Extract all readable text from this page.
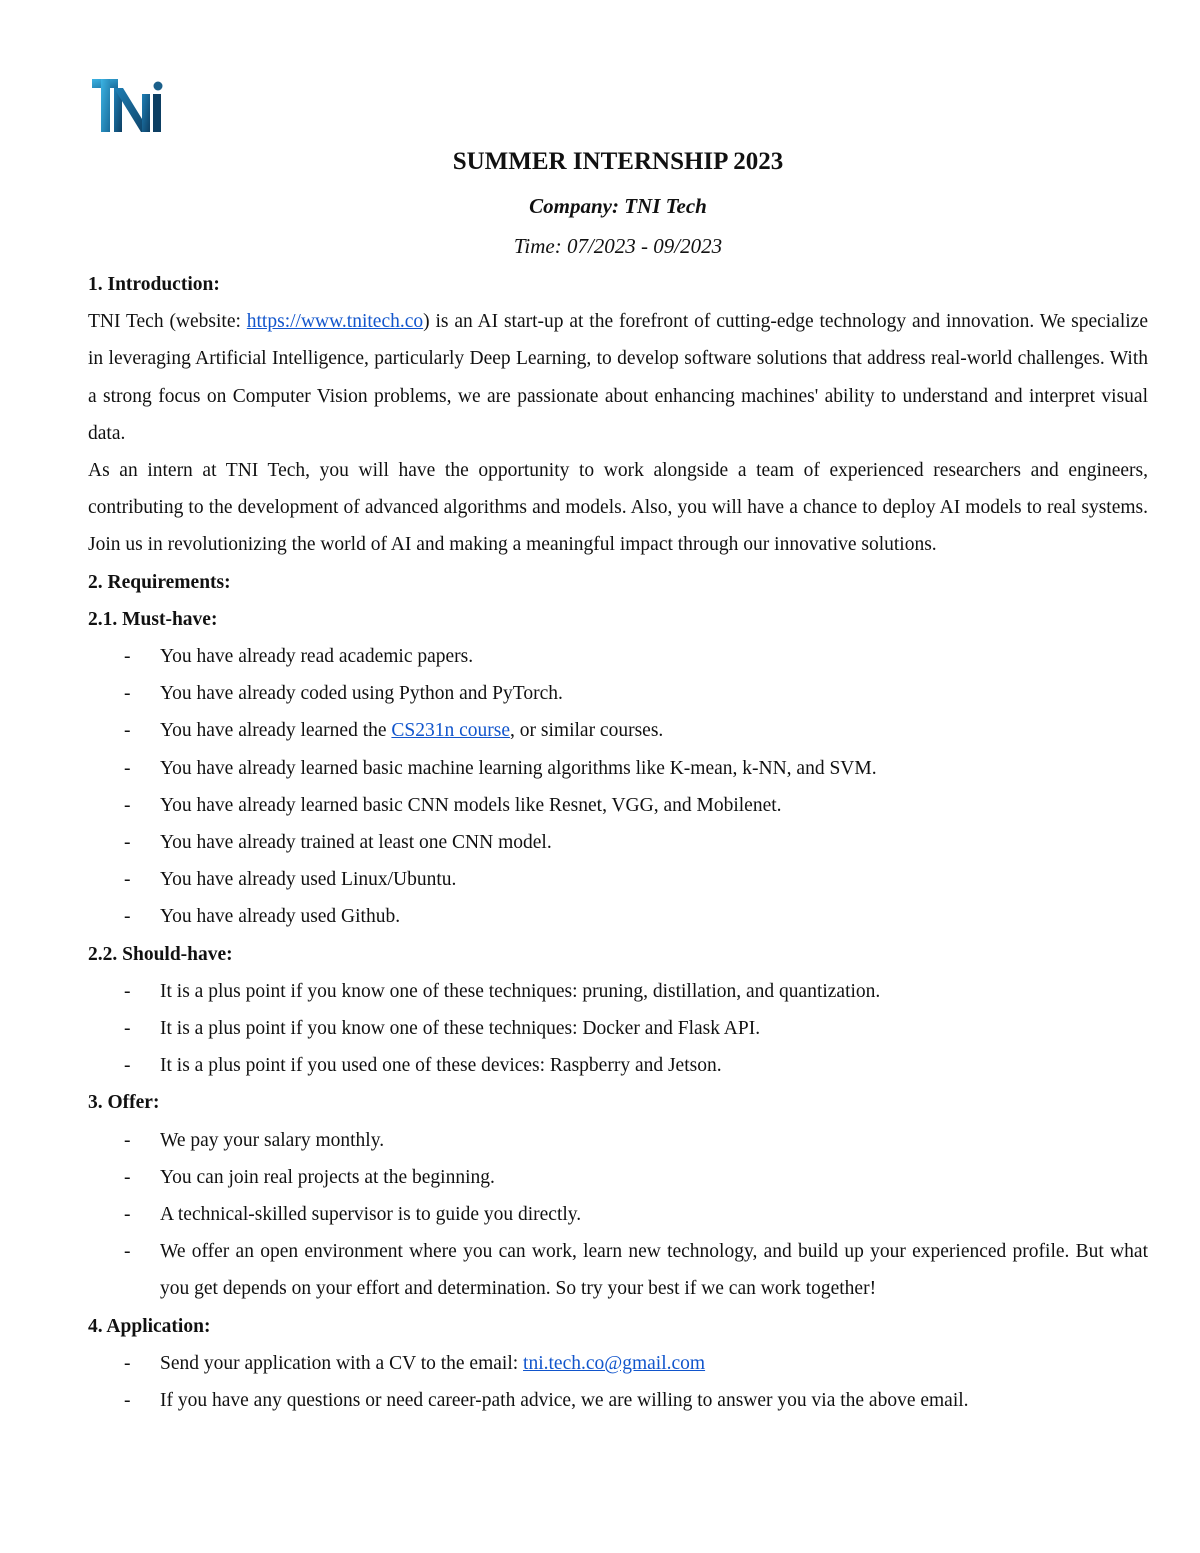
SUMMER INTERNSHIP 2023
Company: TNI Tech
Time: 07/2023 - 09/2023
1. Introduction:

TNI Tech (website: https://www.tnitech.co) is an AI start-up at the forefront of cutting-edge technology and innovation. We specialize in leveraging Artificial Intelligence, particularly Deep Learning, to develop software solutions that address real-world challenges. With a strong focus on Computer Vision problems, we are passionate about enhancing machines' ability to understand and interpret visual data.

As an intern at TNI Tech, you will have the opportunity to work alongside a team of experienced researchers and engineers, contributing to the development of advanced algorithms and models. Also, you will have a chance to deploy AI models to real systems. Join us in revolutionizing the world of AI and making a meaningful impact through our innovative solutions.

2. Requirements:
2.1. Must-have:
- You have already read academic papers.
- You have already coded using Python and PyTorch.
- You have already learned the CS231n course, or similar courses.
- You have already learned basic machine learning algorithms like K-mean, k-NN, and SVM.
- You have already learned basic CNN models like Resnet, VGG, and Mobilenet.
- You have already trained at least one CNN model.
- You have already used Linux/Ubuntu.
- You have already used Github.
2.2. Should-have:
- It is a plus point if you know one of these techniques: pruning, distillation, and quantization.
- It is a plus point if you know one of these techniques: Docker and Flask API.
- It is a plus point if you used one of these devices: Raspberry and Jetson.
3. Offer:
- We pay your salary monthly.
- You can join real projects at the beginning.
- A technical-skilled supervisor is to guide you directly.
- We offer an open environment where you can work, learn new technology, and build up your experienced profile. But what you get depends on your effort and determination. So try your best if we can work together!
4. Application:
- Send your application with a CV to the email: tni.tech.co@gmail.com
- If you have any questions or need career-path advice, we are willing to answer you via the above email.
